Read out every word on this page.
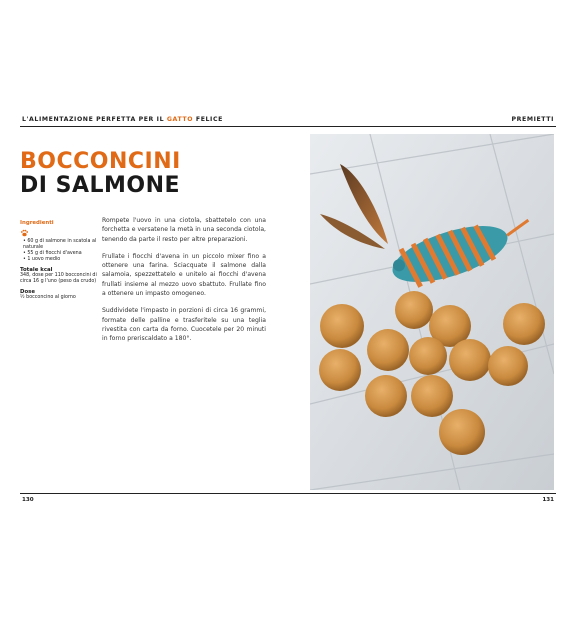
L'ALIMENTAZIONE PERFETTA PER IL GATTO FELICE	PREMIETTI
BOCCONCINI
DI SALMONE
Ingredienti
• 60 g di salmone in scatola al naturale
• 55 g di fiocchi d'avena
• 1 uovo medio
Totale kcal

348, dose per 110 bocconcini di circa 16 g l'uno (peso da crudo)

Dose

½ bocconcino al giorno

Rompete l'uovo in una ciotola, sbattetelo con una forchetta e versatene la metà in una seconda ciotola, tenendo da parte il resto per altre preparazioni.

Frullate i fiocchi d'avena in un piccolo mixer fino a ottenere una farina. Sciacquate il salmone dalla salamoia, spezzettatelo e unitelo ai fiocchi d'avena frullati insieme al mezzo uovo sbattuto. Frullate fino a ottenere un impasto omogeneo.

Suddividete l'impasto in porzioni di circa 16 grammi, formate delle palline e trasferitele su una teglia rivestita con carta da forno. Cuocetele per 20 minuti in forno preriscaldato a 180°.

130	131
